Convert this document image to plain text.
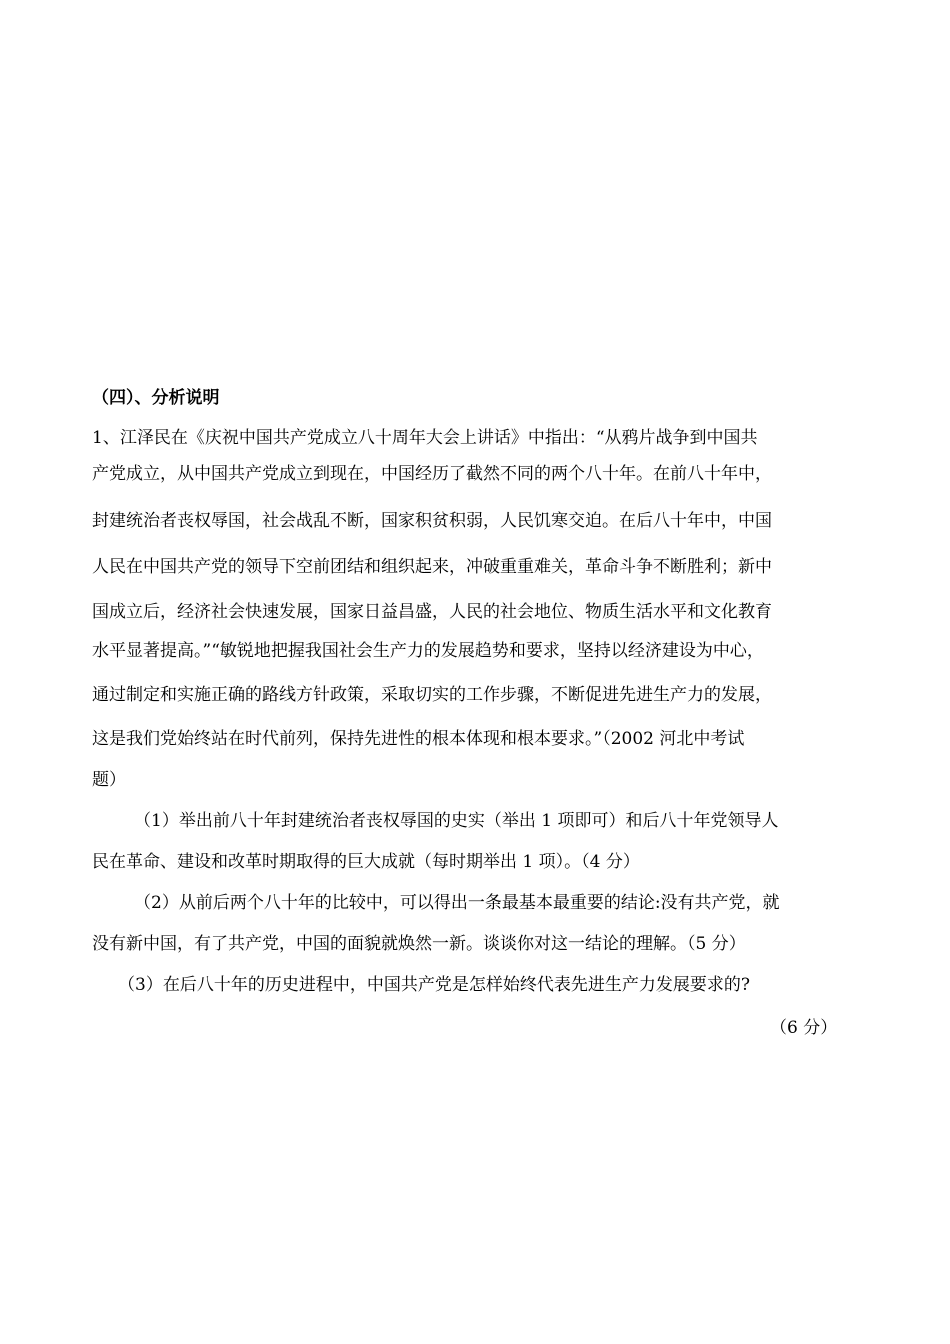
（四）、分析说明
1、江泽民在《庆祝中国共产党成立八十周年大会上讲话》中指出：“从鸦片战争到中国共
产党成立，从中国共产党成立到现在，中国经历了截然不同的两个八十年。在前八十年中，
封建统治者丧权辱国，社会战乱不断，国家积贫积弱，人民饥寒交迫。在后八十年中，中国
人民在中国共产党的领导下空前团结和组织起来，冲破重重难关，革命斗争不断胜利；新中
国成立后，经济社会快速发展，国家日益昌盛，人民的社会地位、物质生活水平和文化教育
水平显著提高。”“敏锐地把握我国社会生产力的发展趋势和要求，坚持以经济建设为中心，
通过制定和实施正确的路线方针政策，采取切实的工作步骤，不断促进先进生产力的发展，
这是我们党始终站在时代前列，保持先进性的根本体现和根本要求。”（2002 河北中考试
题）
（1）举出前八十年封建统治者丧权辱国的史实（举出 1 项即可）和后八十年党领导人
民在革命、建设和改革时期取得的巨大成就（每时期举出 1 项）。（4 分）
（2）从前后两个八十年的比较中，可以得出一条最基本最重要的结论:没有共产党，就
没有新中国，有了共产党，中国的面貌就焕然一新。谈谈你对这一结论的理解。（5 分）
（3）在后八十年的历史进程中，中国共产党是怎样始终代表先进生产力发展要求的?
（6 分）
